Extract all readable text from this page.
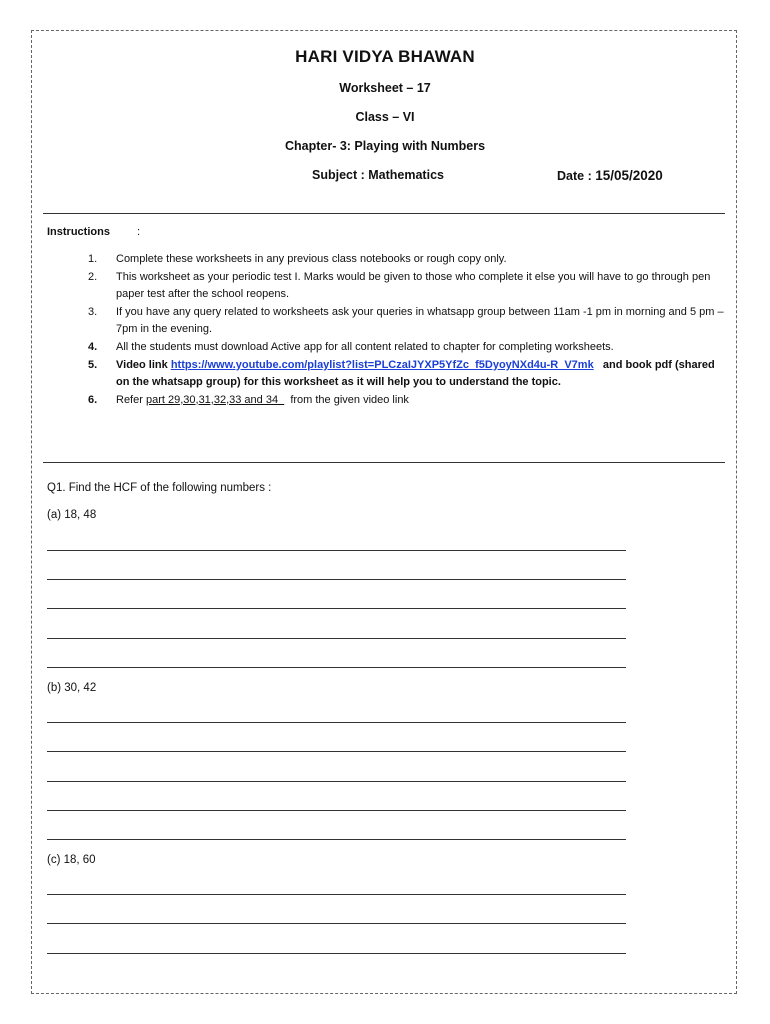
HARI VIDYA BHAWAN
Worksheet – 17
Class – VI
Chapter- 3: Playing with Numbers
Subject : Mathematics	Date : 15/05/2020
Instructions :
1.	Complete these worksheets in any previous class notebooks or rough copy only.
2.	This worksheet as your periodic test I. Marks would be given to those who complete it else you will have to go through pen paper test after the school reopens.
3.	If you have any query related to worksheets ask your queries in whatsapp group between 11am -1 pm in morning and 5 pm – 7pm in the evening.
4.	All the students must download Active app for all content related to chapter for completing worksheets.
5.	Video link https://www.youtube.com/playlist?list=PLCzaIJYXP5YfZc_f5DyoyNXd4u-R_V7mk   and book pdf (shared on the whatsapp group) for this worksheet as it will help you to understand the topic.
6.	Refer part 29,30,31,32,33 and 34    from the given video link
Q1. Find the HCF of the following numbers :
(a) 18, 48
(b) 30, 42
(c) 18, 60
